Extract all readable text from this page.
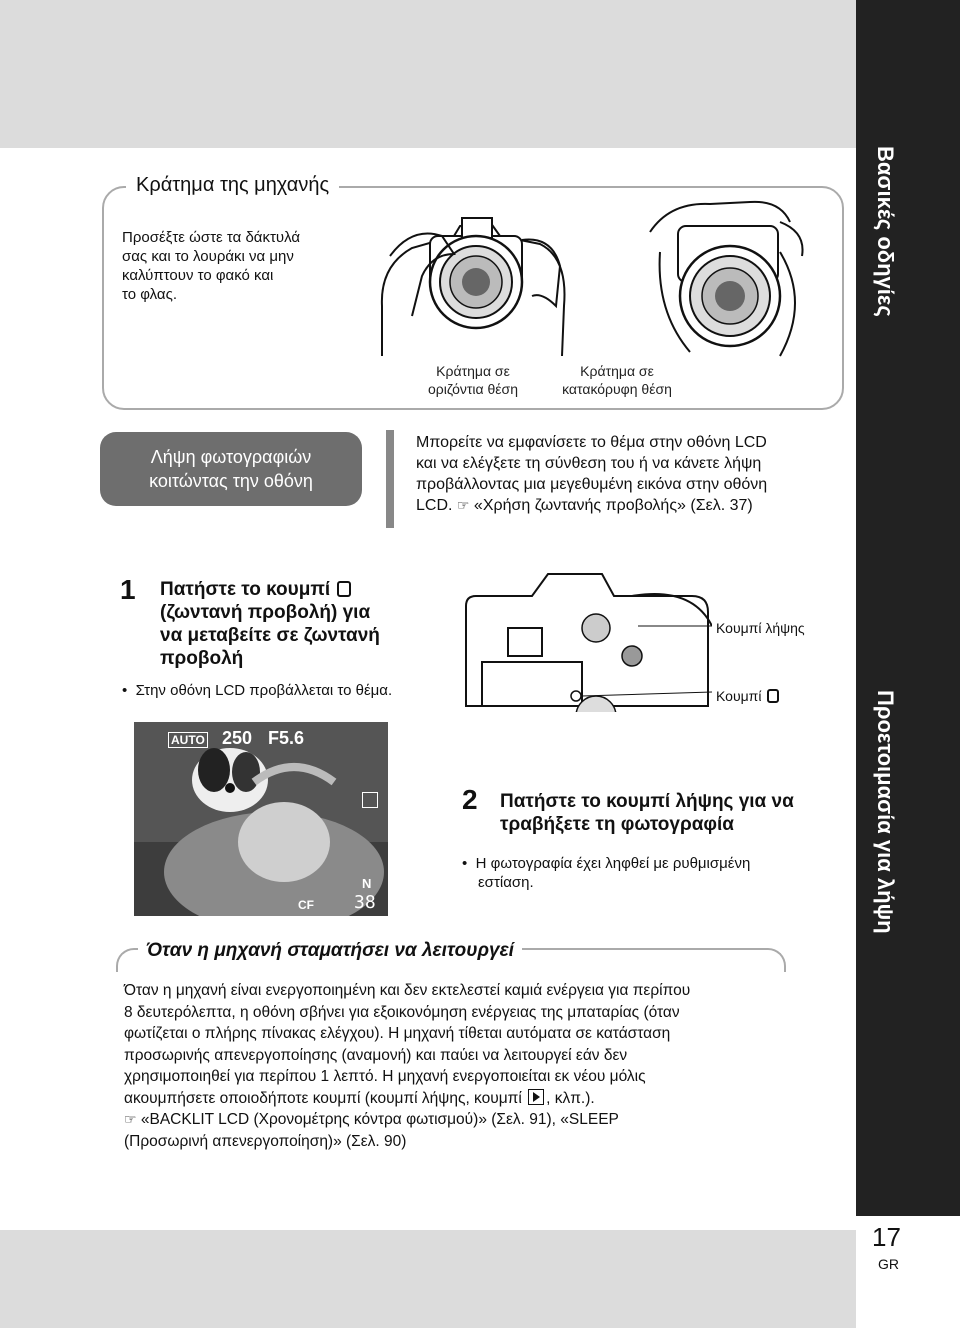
Βασικές οδηγίες
Προετοιμασία για λήψη
17
GR
Κράτημα της μηχανής
Προσέξτε ώστε τα δάκτυλά
σας και το λουράκι να μην
καλύπτουν το φακό και
το φλας.
Κράτημα σε
οριζόντια θέση
Κράτημα σε
κατακόρυφη θέση
Λήψη φωτογραφιών
κοιτώντας την οθόνη
Μπορείτε να εμφανίσετε το θέμα στην οθόνη LCD
και να ελέγξετε τη σύνθεση του ή να κάνετε λήψη
προβάλλοντας μια μεγεθυμένη εικόνα στην οθόνη
LCD. ☞ «Χρήση ζωντανής προβολής» (Σελ. 37)
1 Πατήστε το κουμπί
(ζωντανή προβολή) για
να μεταβείτε σε ζωντανή
προβολή
• Στην οθόνη LCD προβάλλεται το θέμα.
AUTO 250 F5.6
N
CF 38
Κουμπί λήψης
Κουμπί
2 Πατήστε το κουμπί λήψης για να
τραβήξετε τη φωτογραφία
• Η φωτογραφία έχει ληφθεί με ρυθμισμένη
εστίαση.
Όταν η μηχανή σταματήσει να λειτουργεί
Όταν η μηχανή είναι ενεργοποιημένη και δεν εκτελεστεί καμιά ενέργεια για περίπου
8 δευτερόλεπτα, η οθόνη σβήνει για εξοικονόμηση ενέργειας της μπαταρίας (όταν
φωτίζεται ο πλήρης πίνακας ελέγχου). Η μηχανή τίθεται αυτόματα σε κατάσταση
προσωρινής απενεργοποίησης (αναμονή) και παύει να λειτουργεί εάν δεν
χρησιμοποιηθεί για περίπου 1 λεπτό. Η μηχανή ενεργοποιείται εκ νέου μόλις
ακουμπήσετε οποιοδήποτε κουμπί (κουμπί λήψης, κουμπί , κλπ.).
☞ «BACKLIT LCD (Χρονομέτρης κόντρα φωτισμού)» (Σελ. 91), «SLEEP
(Προσωρινή απενεργοποίηση)» (Σελ. 90)
